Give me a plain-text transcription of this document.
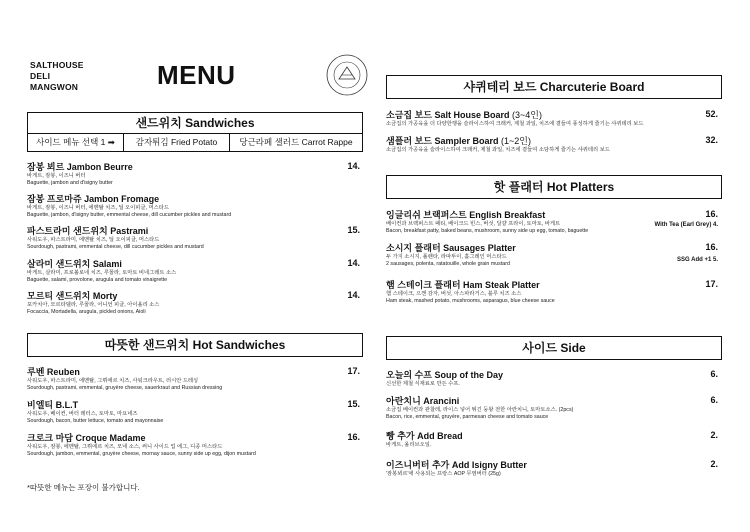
SALTHOUSE
DELI
MANGWON	MENU
샌드위치 Sandwiches
사이드 메뉴 선택 1 ➡	감자튀김 Fried Potato	당근라페 샐러드 Carrot Rappe
잠봉 뵈르 Jambon Beurre
바게트, 잠봉, 이즈니 버터
Baguette, jambon and d'isigny butter
14.
잠봉 프로마쥬 Jambon Fromage
바게트, 잠봉, 이즈니 버터, 에멘탈 치즈, 딜 오이피클, 머스타드
Baguette, jambon, d'isigny butter, emmental cheese, dill cucumber pickles and mustard
파스트라미 샌드위치 Pastrami
사워도우, 파스트라미, 에멘탈 치즈, 딜 오이피클, 머스타드
Sourdough, pastrami, emmental cheese, dill cucumber pickles and mustard
15.
살라미 샌드위치 Salami
바게트, 살라미, 프로볼로네 치즈, 루꼴라, 토마토 비네그레트 소스
Baguette, salami, provolone, arugula and tomato vinaigrette
14.
모르티 샌드위치 Morty
포카치아, 모르타델라, 루꼴라, 어니언 피클, 아이올리 소스
Focaccia, Mortadella, arugula, pickled onions, Aioli
14.
따뜻한 샌드위치 Hot Sandwiches
루벤 Reuben
사워도우, 파스트라미, 에멘탈, 그뤼에르 치즈, 사워크라우트, 러시안 드레싱
Sourdough, pastrami, emmental, gruyère cheese, sauerkraut and Russian dressing
17.
비엘티 B.L.T
사워도우, 베이컨, 버터 레터스, 토마토, 마요네즈
Sourdough, bacon, butter lettuce, tomato and mayonnaise
15.
크로크 마담 Croque Madame
사워도우, 잠봉, 에멘탈, 그뤼에르 치즈, 모네 소스, 써니 사이드 업 에그, 디종 머스타드
Sourdough, jambon, emmental, gruyère cheese, mornay sauce, sunny side up egg, dijon mustard
16.
*따뜻한 메뉴는 포장이 불가합니다.
샤퀴테리 보드 Charcuterie Board
소금집 보드 Salt House Board (3~4인)
소금집의 가공육을 더 다양한행을 슬라이스하여 크래커, 제철 과일, 치즈에 곁들여 풍성하게 즐기는 샤퀴테리 보드
52.
샘플러 보드 Sampler Board (1~2인)
소금집의 가공육을 슬라이스하여 크래커, 제철 과일, 치즈에 곁들여 소담하게 즐기는 샤퀴테리 보드
32.
핫 플래터 Hot Platters
잉글리쉬 브랙퍼스트 English Breakfast
베이컨과 브랙퍼스트 패티, 베이크드 빈스, 버섯, 달걀 프라이, 토마토, 바게트
Bacon, breakfast patty, baked beans, mushroom, sunny side up egg, tomato, baguette
16.
With Tea (Earl Grey) 4.
소시지 플래터 Sausages Platter
두 가지 소시지, 폴렌타, 라따뚜이, 홀그레인 머스타드
2 sausages, polenta, ratatouille, whole grain mustard
16.
SSG Add +1 5.
햄 스테이크 플래터 Ham Steak Platter
햄 스테이크, 으깬 감자, 버섯, 아스파라거스, 블루 치즈 소스
Ham steak, mashed potato, mushrooms, asparagus, blue cheese sauce
17.
사이드 Side
오늘의 수프 Soup of the Day
신선한 제철 식재료로 만든 수프.
6.
아란치니 Arancini
소금집 베이컨과 관찰레, 라이스 넣어 튀긴 둥왕 전한 아란치니, 토마토소스. (2pcs)
Bacon, rice, emmental, gruyère, parmesan cheese and tomato sauce
6.
빵 추가 Add Bread
바게트, 올리브오일.
2.
이즈니버터 추가 Add Isigny Butter
'잠봉뵈르'에 사용되는 프랑스 AOP 무염버터 (25g)
2.
